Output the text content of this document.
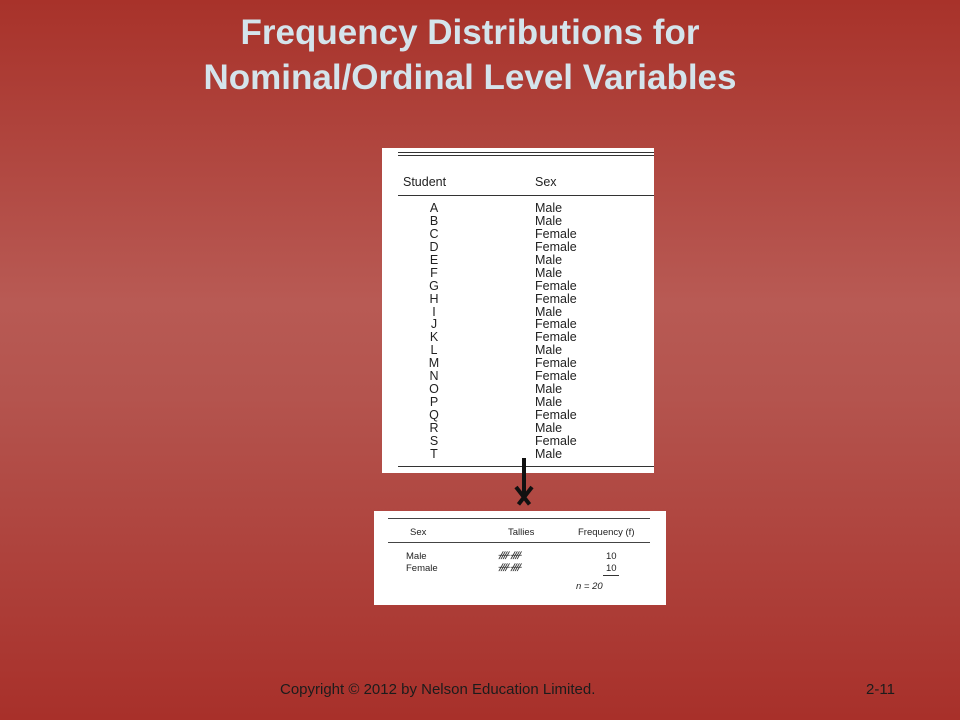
Frequency Distributions for
Nominal/Ordinal Level Variables
Student	Sex
A	Male
B	Male
C	Female
D	Female
E	Male
F	Male
G	Female
H	Female
I	Male
J	Female
K	Female
L	Male
M	Female
N	Female
O	Male
P	Male
Q	Female
R	Male
S	Female
T	Male
Sex	Tallies	Frequency (f)
Male	ᚎ ᚎ	10
Female	ᚎ ᚎ	10
n = 20
Copyright © 2012 by Nelson Education Limited.	2-11
